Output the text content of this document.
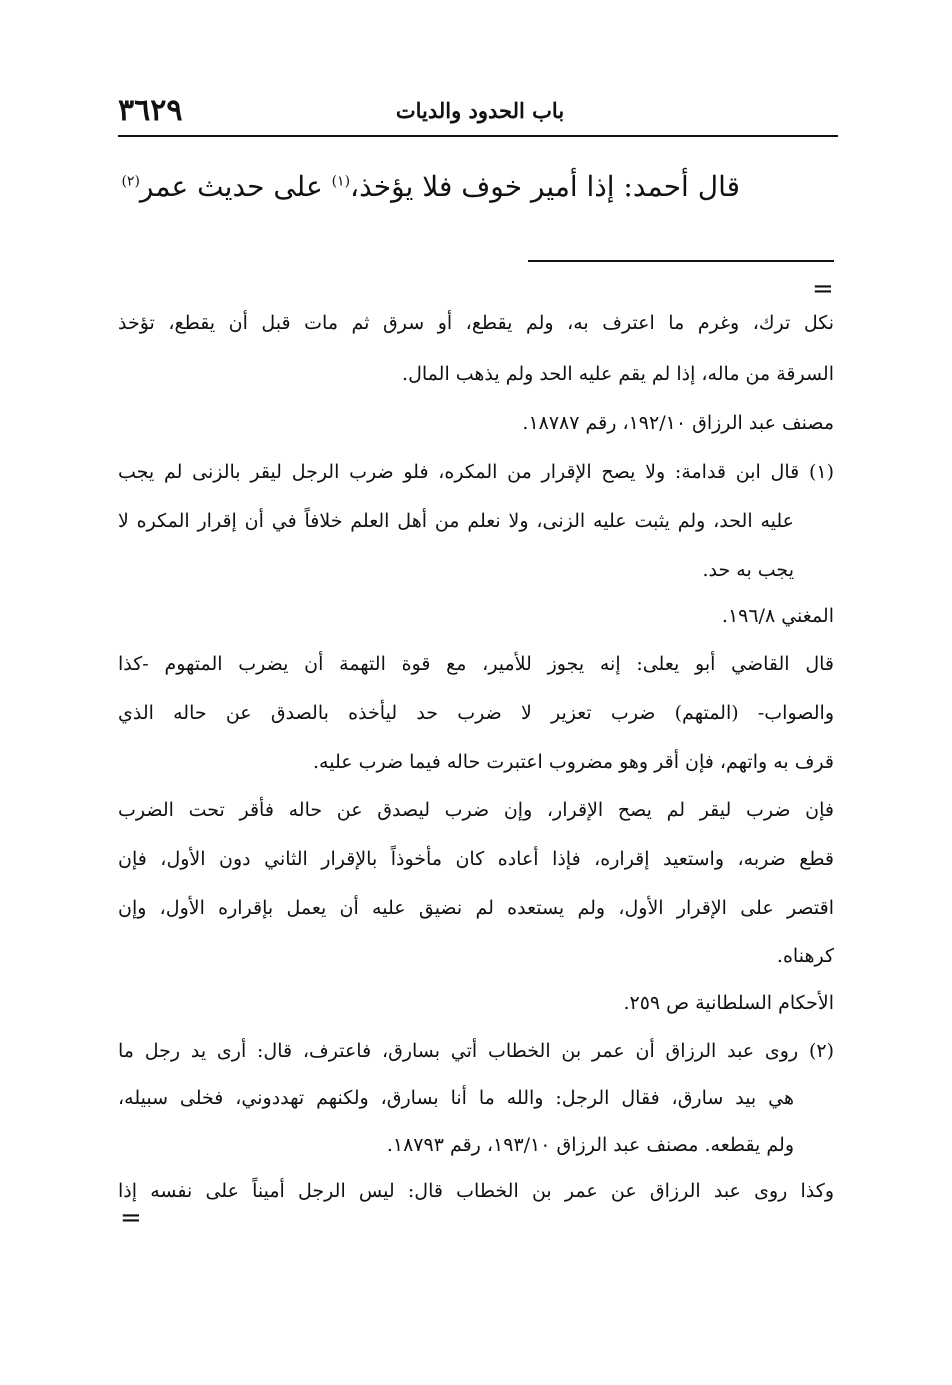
٣٦٢٩	باب الحدود والديات
قال أحمد: إذا أمير خوف فلا يؤخذ،$^{(١)}$ على حديث عمر$^{(٢)}$
=
نكل ترك، وغرم ما اعترف به، ولم يقطع، أو سرق ثم مات قبل أن يقطع، تؤخذ
السرقة من ماله، إذا لم يقم عليه الحد ولم يذهب المال.
مصنف عبد الرزاق ١٩٢/١٠، رقم ١٨٧٨٧.
(١) قال ابن قدامة: ولا يصح الإقرار من المكره، فلو ضرب الرجل ليقر بالزنى لم يجب
عليه الحد، ولم يثبت عليه الزنى، ولا نعلم من أهل العلم خلافاً في أن إقرار المكره لا
يجب به حد.
المغني ١٩٦/٨.
قال القاضي أبو يعلى: إنه يجوز للأمير، مع قوة التهمة أن يضرب المتهوم -كذا
والصواب- (المتهم) ضرب تعزير لا ضرب حد ليأخذه بالصدق عن حاله الذي
قرف به واتهم، فإن أقر وهو مضروب اعتبرت حاله فيما ضرب عليه.
فإن ضرب ليقر لم يصح الإقرار، وإن ضرب ليصدق عن حاله فأقر تحت الضرب
قطع ضربه، واستعيد إقراره، فإذا أعاده كان مأخوذاً بالإقرار الثاني دون الأول، فإن
اقتصر على الإقرار الأول، ولم يستعده لم نضيق عليه أن يعمل بإقراره الأول، وإن
كرهناه.
الأحكام السلطانية ص ٢٥٩.
(٢) روى عبد الرزاق أن عمر بن الخطاب أتي بسارق، فاعترف، قال: أرى يد رجل ما
هي بيد سارق، فقال الرجل: والله ما أنا بسارق، ولكنهم تهددوني، فخلى سبيله،
ولم يقطعه. مصنف عبد الرزاق ١٩٣/١٠، رقم ١٨٧٩٣.
وكذا روى عبد الرزاق عن عمر بن الخطاب قال: ليس الرجل أميناً على نفسه إذا
=
